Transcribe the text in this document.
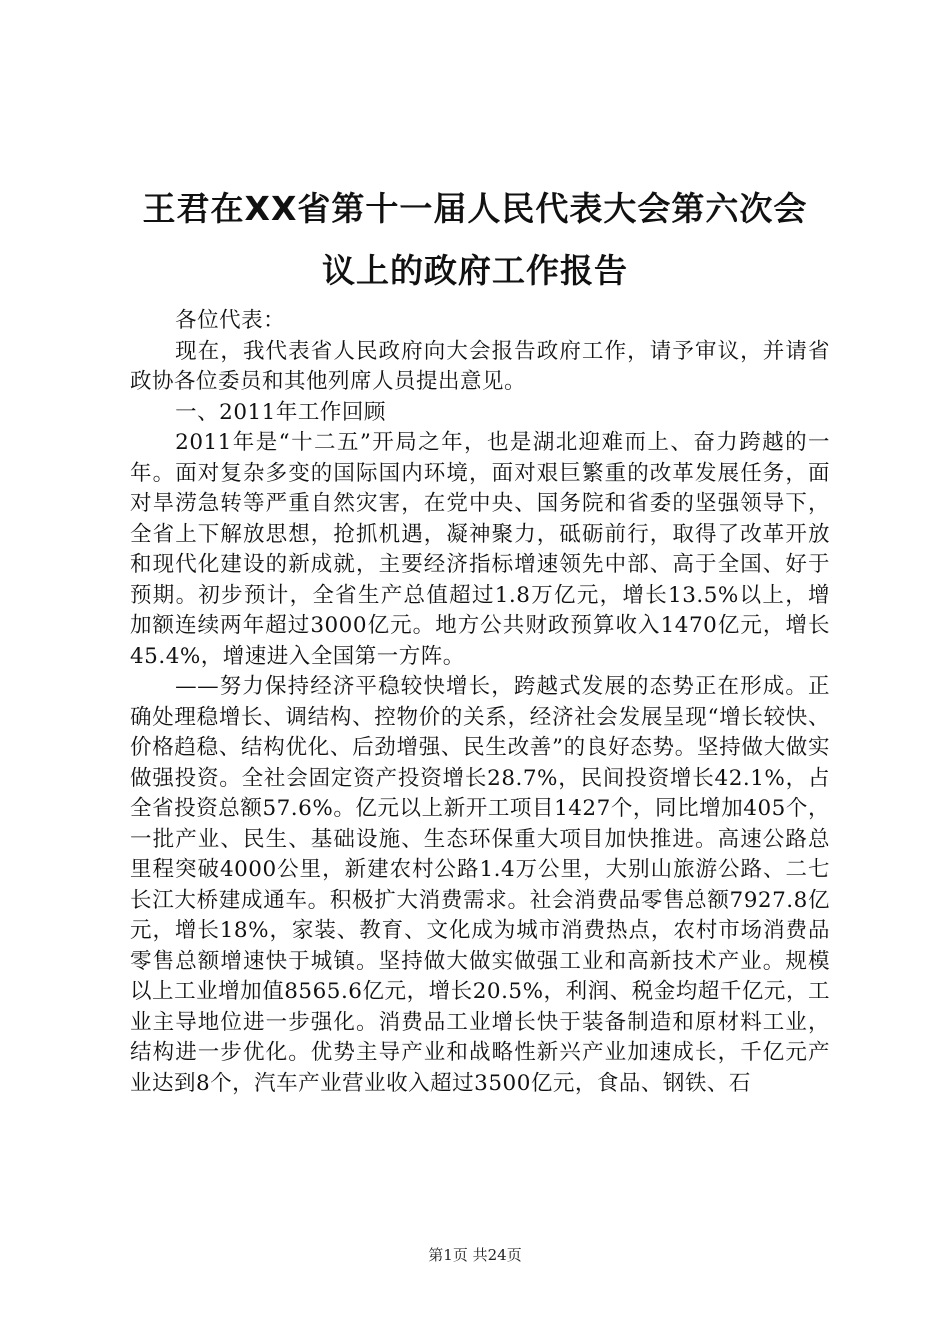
王君在XX省第十一届人民代表大会第六次会
议上的政府工作报告

各位代表：

现在，我代表省人民政府向大会报告政府工作，请予审议，并请省政协各位委员和其他列席人员提出意见。

一、2011年工作回顾

2011年是“十二五”开局之年，也是湖北迎难而上、奋力跨越的一年。面对复杂多变的国际国内环境，面对艰巨繁重的改革发展任务，面对旱涝急转等严重自然灾害，在党中央、国务院和省委的坚强领导下，全省上下解放思想，抢抓机遇，凝神聚力，砥砺前行，取得了改革开放和现代化建设的新成就，主要经济指标增速领先中部、高于全国、好于预期。初步预计，全省生产总值超过1.8万亿元，增长13.5%以上，增加额连续两年超过3000亿元。地方公共财政预算收入1470亿元，增长45.4%，增速进入全国第一方阵。

——努力保持经济平稳较快增长，跨越式发展的态势正在形成。正确处理稳增长、调结构、控物价的关系，经济社会发展呈现“增长较快、价格趋稳、结构优化、后劲增强、民生改善”的良好态势。坚持做大做实做强投资。全社会固定资产投资增长28.7%，民间投资增长42.1%，占全省投资总额57.6%。亿元以上新开工项目1427个，同比增加405个，一批产业、民生、基础设施、生态环保重大项目加快推进。高速公路总里程突破4000公里，新建农村公路1.4万公里，大别山旅游公路、二七长江大桥建成通车。积极扩大消费需求。社会消费品零售总额7927.8亿元，增长18%，家装、教育、文化成为城市消费热点，农村市场消费品零售总额增速快于城镇。坚持做大做实做强工业和高新技术产业。规模以上工业增加值8565.6亿元，增长20.5%，利润、税金均超千亿元，工业主导地位进一步强化。消费品工业增长快于装备制造和原材料工业，结构进一步优化。优势主导产业和战略性新兴产业加速成长，千亿元产业达到8个，汽车产业营业收入超过3500亿元，食品、钢铁、石

第1页 共24页
